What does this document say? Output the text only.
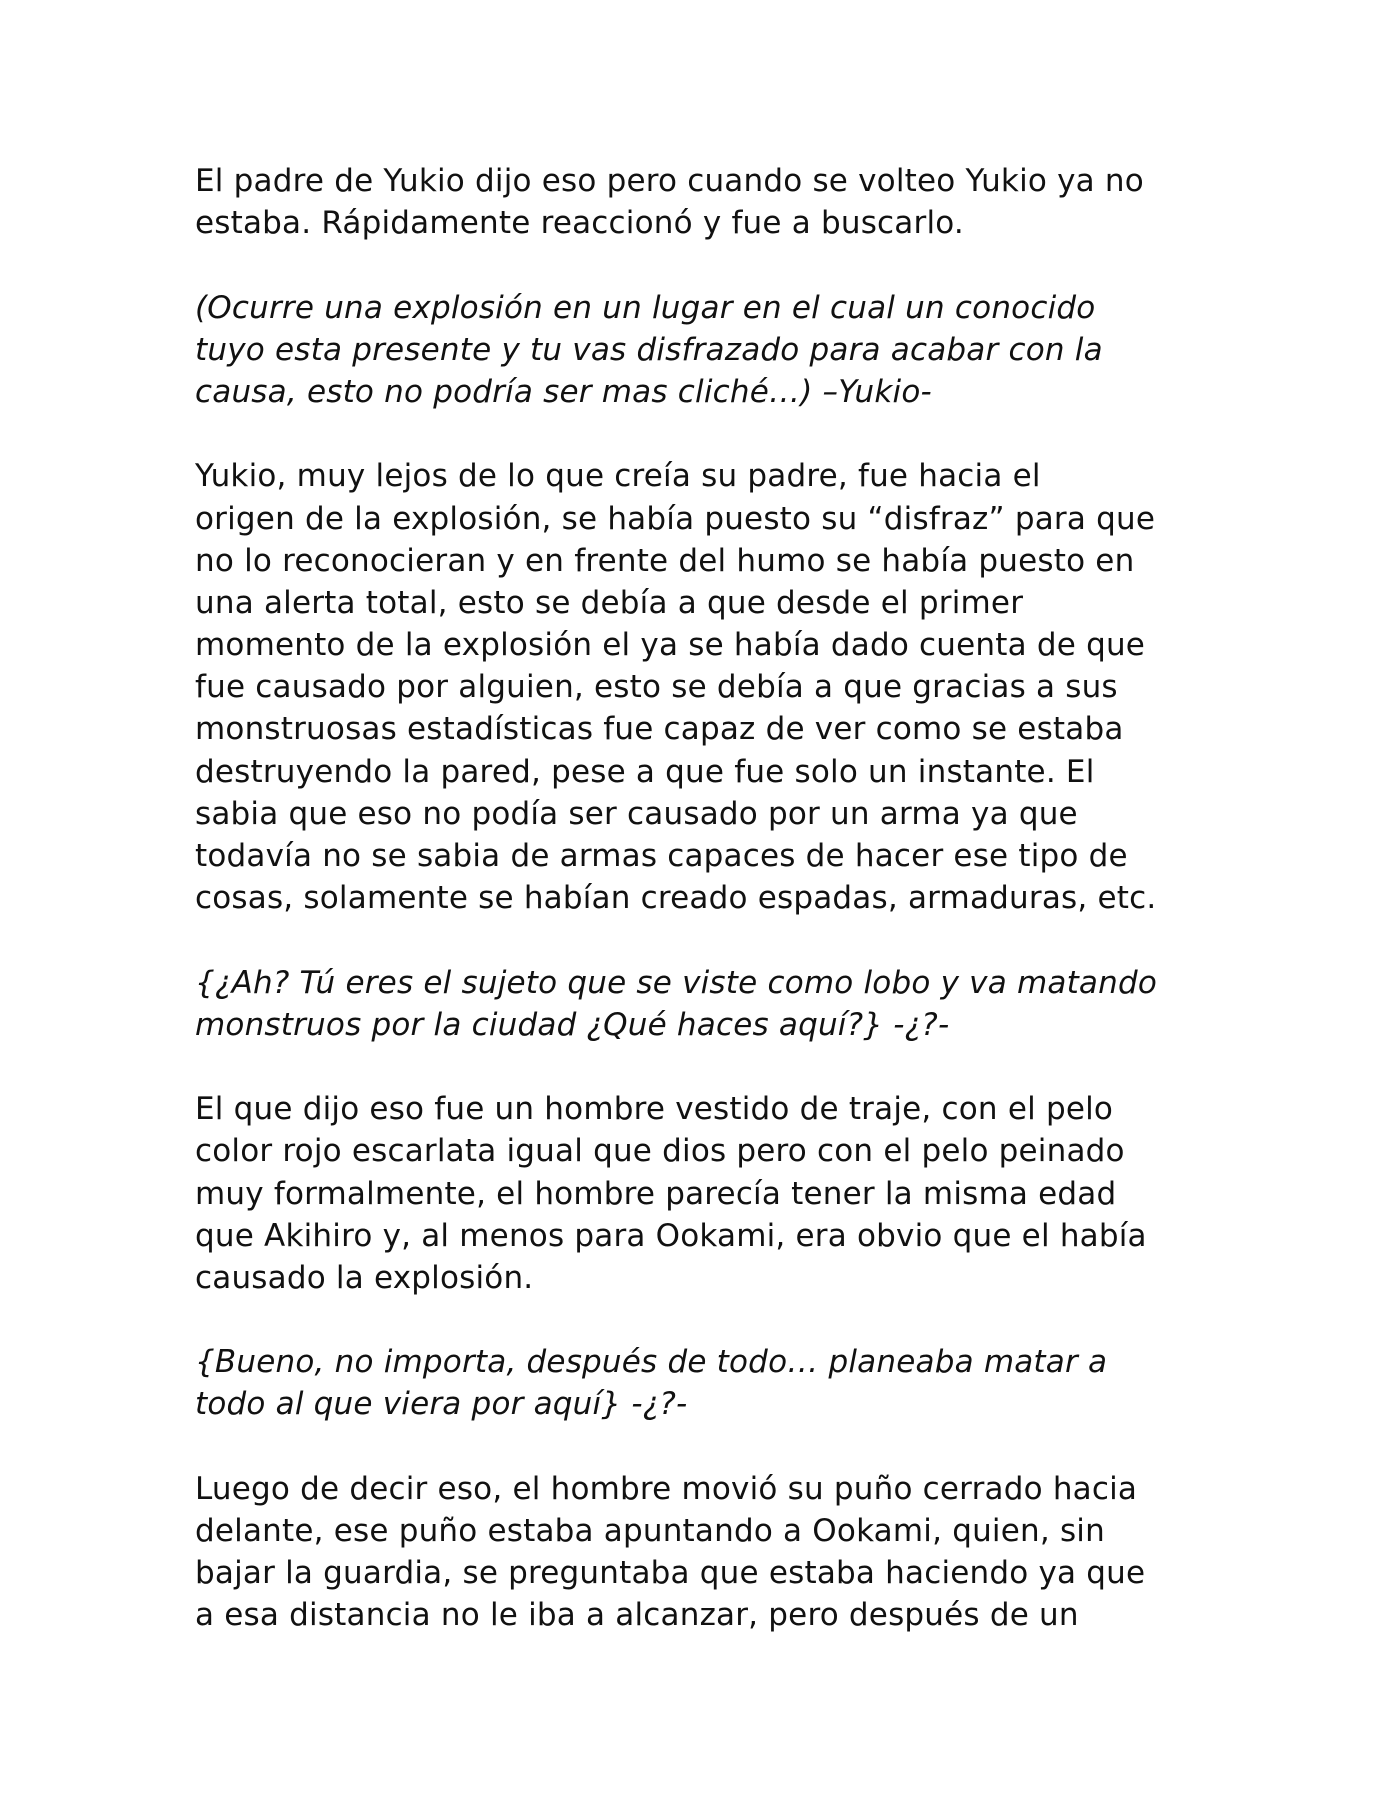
El padre de Yukio dijo eso pero cuando se volteo Yukio ya no
estaba. Rápidamente reaccionó y fue a buscarlo.
(Ocurre una explosión en un lugar en el cual un conocido
tuyo esta presente y tu vas disfrazado para acabar con la
causa, esto no podría ser mas cliché…) –Yukio-
Yukio, muy lejos de lo que creía su padre, fue hacia el
origen de la explosión, se había puesto su “disfraz” para que
no lo reconocieran y en frente del humo se había puesto en
una alerta total, esto se debía a que desde el primer
momento de la explosión el ya se había dado cuenta de que
fue causado por alguien, esto se debía a que gracias a sus
monstruosas estadísticas fue capaz de ver como se estaba
destruyendo la pared, pese a que fue solo un instante. El
sabia que eso no podía ser causado por un arma ya que
todavía no se sabia de armas capaces de hacer ese tipo de
cosas, solamente se habían creado espadas, armaduras, etc.
{¿Ah? Tú eres el sujeto que se viste como lobo y va matando
monstruos por la ciudad ¿Qué haces aquí?} -¿?-
El que dijo eso fue un hombre vestido de traje, con el pelo
color rojo escarlata igual que dios pero con el pelo peinado
muy formalmente, el hombre parecía tener la misma edad
que Akihiro y, al menos para Ookami, era obvio que el había
causado la explosión.
{Bueno, no importa, después de todo… planeaba matar a
todo al que viera por aquí} -¿?-
Luego de decir eso, el hombre movió su puño cerrado hacia
delante, ese puño estaba apuntando a Ookami, quien, sin
bajar la guardia, se preguntaba que estaba haciendo ya que
a esa distancia no le iba a alcanzar, pero después de un
